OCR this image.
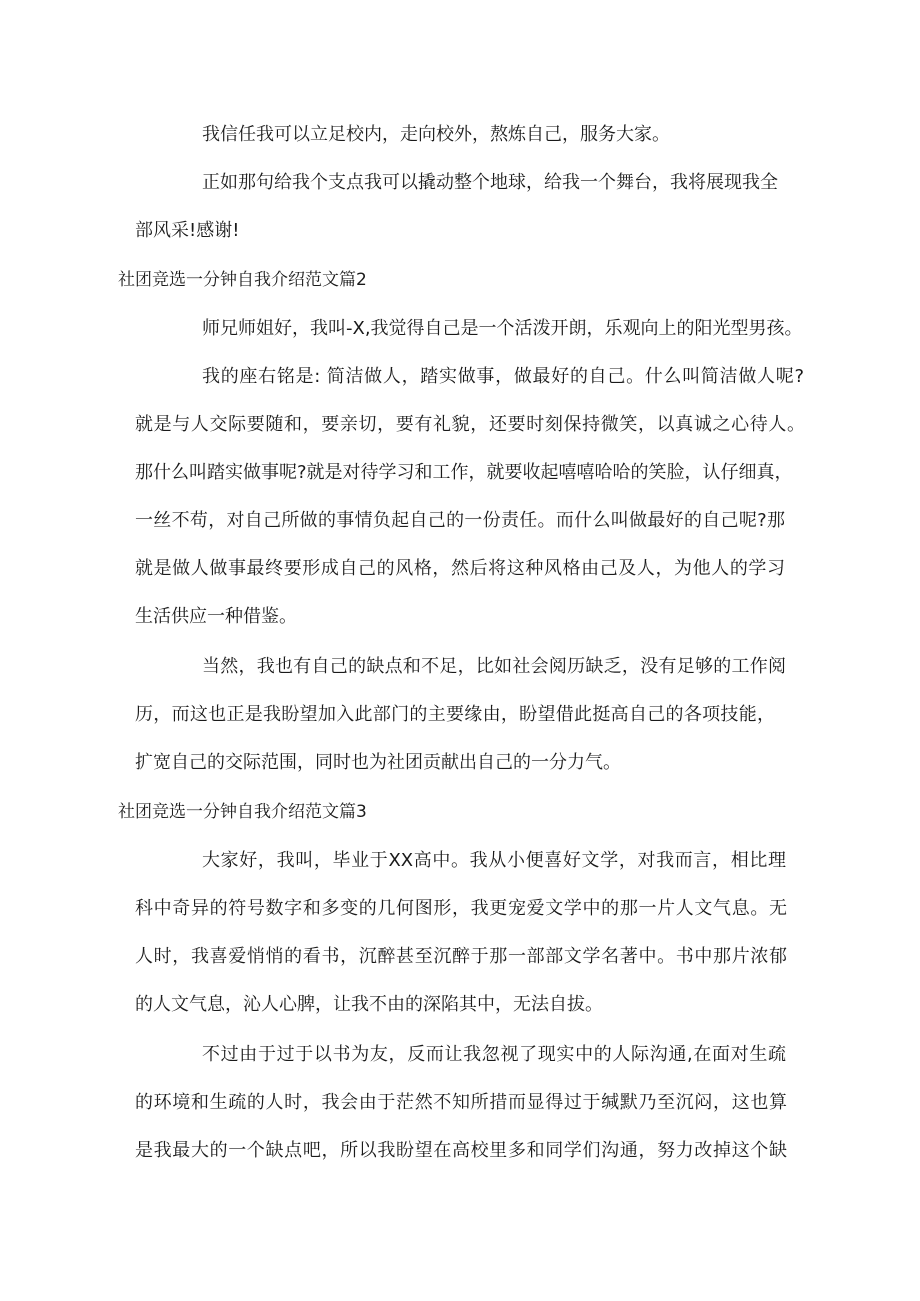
我信任我可以立足校内，走向校外，熬炼自己，服务大家。
正如那句给我个支点我可以撬动整个地球，给我一个舞台，我将展现我全
部风采!感谢!
社团竞选一分钟自我介绍范文篇2
师兄师姐好，我叫-X,我觉得自己是一个活泼开朗，乐观向上的阳光型男孩。
我的座右铭是: 简洁做人，踏实做事，做最好的自己。什么叫简洁做人呢?
就是与人交际要随和，要亲切，要有礼貌，还要时刻保持微笑，以真诚之心待人。
那什么叫踏实做事呢?就是对待学习和工作，就要收起嘻嘻哈哈的笑脸，认仔细真，
一丝不苟，对自己所做的事情负起自己的一份责任。而什么叫做最好的自己呢?那
就是做人做事最终要形成自己的风格，然后将这种风格由己及人，为他人的学习
生活供应一种借鉴。
当然，我也有自己的缺点和不足，比如社会阅历缺乏，没有足够的工作阅
历，而这也正是我盼望加入此部门的主要缘由，盼望借此挺高自己的各项技能，
扩宽自己的交际范围，同时也为社团贡献出自己的一分力气。
社团竞选一分钟自我介绍范文篇3
大家好，我叫，毕业于XX高中。我从小便喜好文学，对我而言，相比理
科中奇异的符号数字和多变的几何图形，我更宠爱文学中的那一片人文气息。无
人时，我喜爱悄悄的看书，沉醉甚至沉醉于那一部部文学名著中。书中那片浓郁
的人文气息，沁人心脾，让我不由的深陷其中，无法自拔。
不过由于过于以书为友，反而让我忽视了现实中的人际沟通,在面对生疏
的环境和生疏的人时，我会由于茫然不知所措而显得过于缄默乃至沉闷，这也算
是我最大的一个缺点吧，所以我盼望在高校里多和同学们沟通，努力改掉这个缺
